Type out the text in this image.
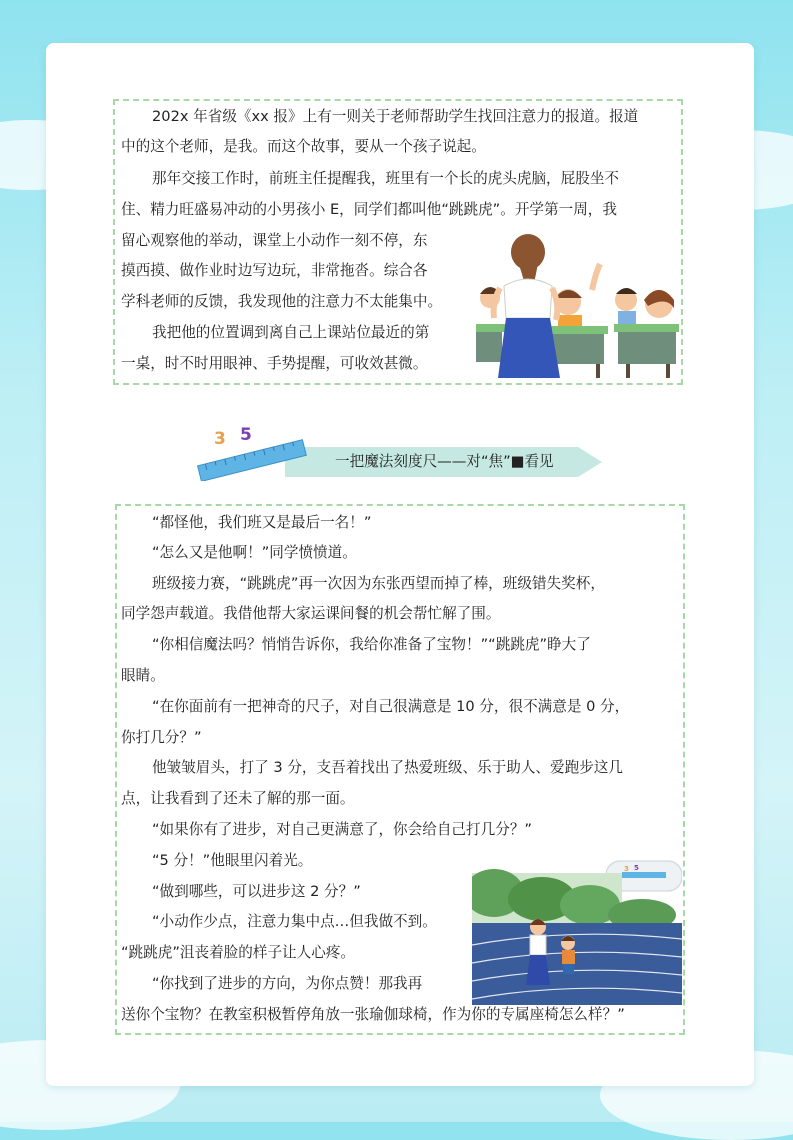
202x 年省级《xx 报》上有一则关于老师帮助学生找回注意力的报道。报道

中的这个老师，是我。而这个故事，要从一个孩子说起。

那年交接工作时，前班主任提醒我，班里有一个长的虎头虎脑，屁股坐不

住、精力旺盛易冲动的小男孩小 E，同学们都叫他“跳跳虎”。开学第一周，我

留心观察他的举动，课堂上小动作一刻不停，东

摸西摸、做作业时边写边玩，非常拖沓。综合各

学科老师的反馈，我发现他的注意力不太能集中。

我把他的位置调到离自己上课站位最近的第

一桌，时不时用眼神、手势提醒，可收效甚微。

3 5
一把魔法刻度尺——对“焦”■看见

“都怪他，我们班又是最后一名！”

“怎么又是他啊！”同学愤愤道。

班级接力赛，“跳跳虎”再一次因为东张西望而掉了棒，班级错失奖杯，

同学怨声载道。我借他帮大家运课间餐的机会帮忙解了围。

“你相信魔法吗？悄悄告诉你，我给你准备了宝物！”“跳跳虎”睁大了

眼睛。

“在你面前有一把神奇的尺子，对自己很满意是 10 分，很不满意是 0 分，

你打几分？”

他皱皱眉头，打了 3 分，支吾着找出了热爱班级、乐于助人、爱跑步这几

点，让我看到了还未了解的那一面。

“如果你有了进步，对自己更满意了，你会给自己打几分？”

“5 分！”他眼里闪着光。

“做到哪些，可以进步这 2 分？”

“小动作少点，注意力集中点…但我做不到。

“跳跳虎”沮丧着脸的样子让人心疼。

“你找到了进步的方向，为你点赞！那我再

送你个宝物？在教室积极暂停角放一张瑜伽球椅，作为你的专属座椅怎么样？”

3 5
